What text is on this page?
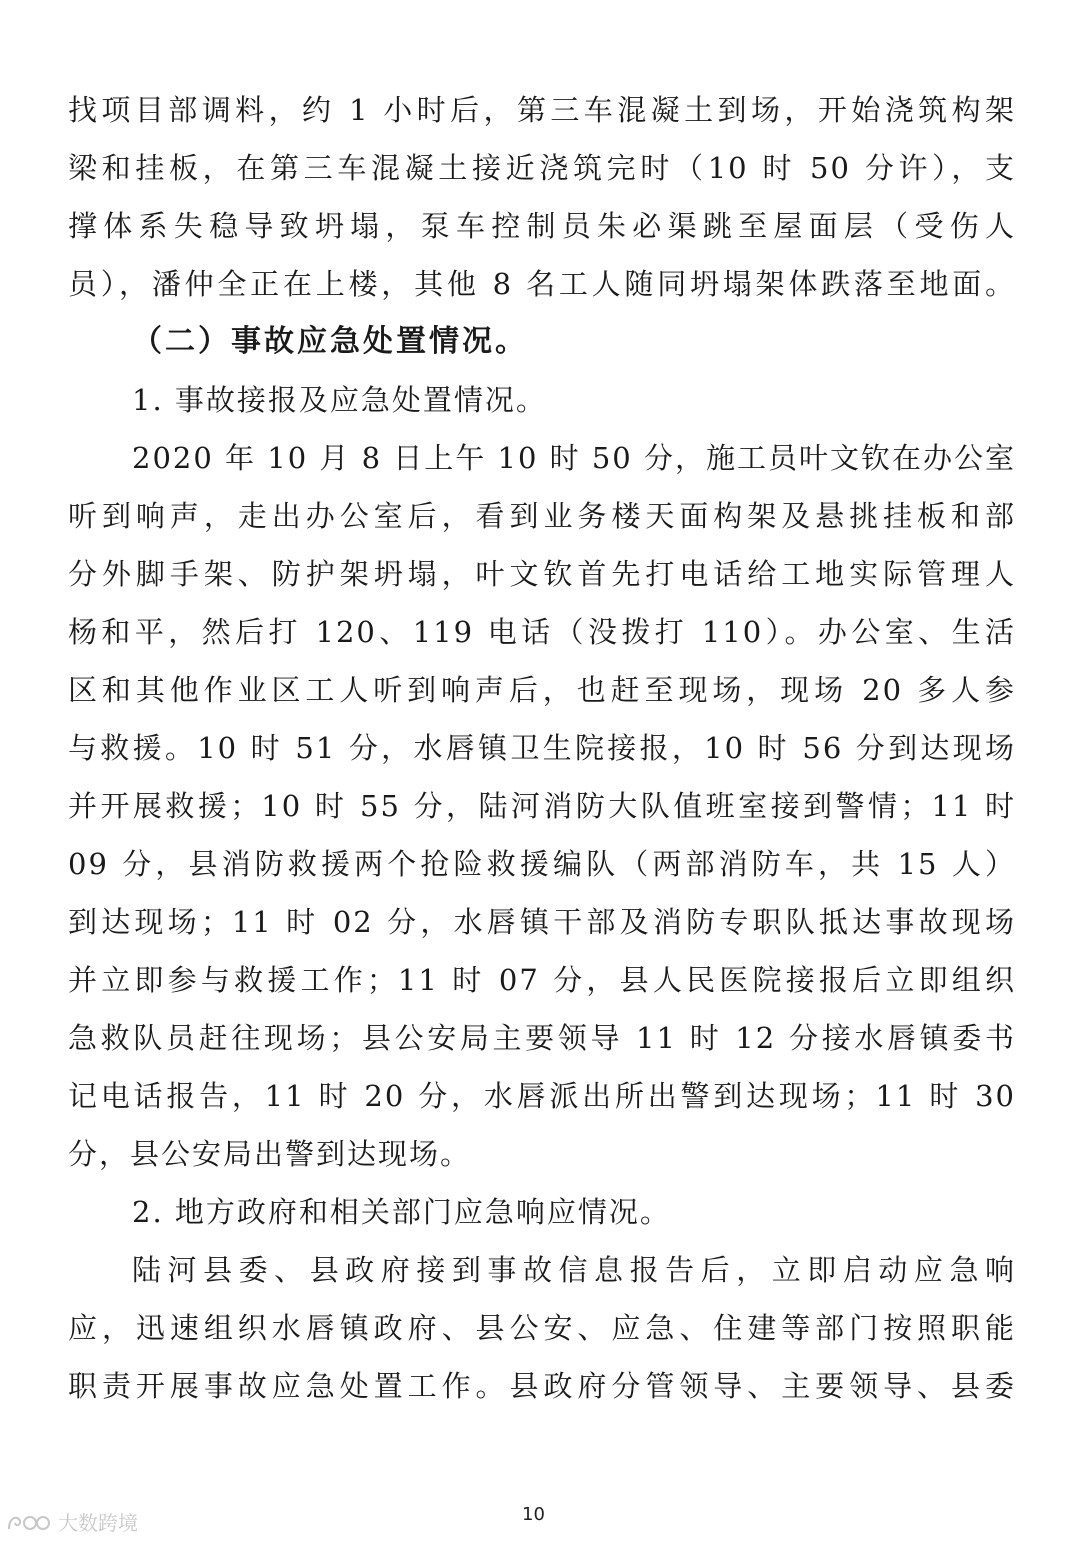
找项目部调料，约 1 小时后，第三车混凝土到场，开始浇筑构架
梁和挂板，在第三车混凝土接近浇筑完时（10 时 50 分许），支
撑体系失稳导致坍塌，泵车控制员朱必渠跳至屋面层（受伤人
员），潘仲全正在上楼，其他 8 名工人随同坍塌架体跌落至地面。
（二）事故应急处置情况。
1. 事故接报及应急处置情况。
2020 年 10 月 8 日上午 10 时 50 分，施工员叶文钦在办公室
听到响声，走出办公室后，看到业务楼天面构架及悬挑挂板和部
分外脚手架、防护架坍塌，叶文钦首先打电话给工地实际管理人
杨和平，然后打 120、119 电话（没拨打 110）。办公室、生活
区和其他作业区工人听到响声后，也赶至现场，现场 20 多人参
与救援。10 时 51 分，水唇镇卫生院接报，10 时 56 分到达现场
并开展救援；10 时 55 分，陆河消防大队值班室接到警情；11 时
09 分，县消防救援两个抢险救援编队（两部消防车，共 15 人）
到达现场；11 时 02 分，水唇镇干部及消防专职队抵达事故现场
并立即参与救援工作；11 时 07 分，县人民医院接报后立即组织
急救队员赶往现场；县公安局主要领导 11 时 12 分接水唇镇委书
记电话报告，11 时 20 分，水唇派出所出警到达现场；11 时 30
分，县公安局出警到达现场。
2. 地方政府和相关部门应急响应情况。
陆河县委、县政府接到事故信息报告后，立即启动应急响
应，迅速组织水唇镇政府、县公安、应急、住建等部门按照职能
职责开展事故应急处置工作。县政府分管领导、主要领导、县委
10
大数跨境
